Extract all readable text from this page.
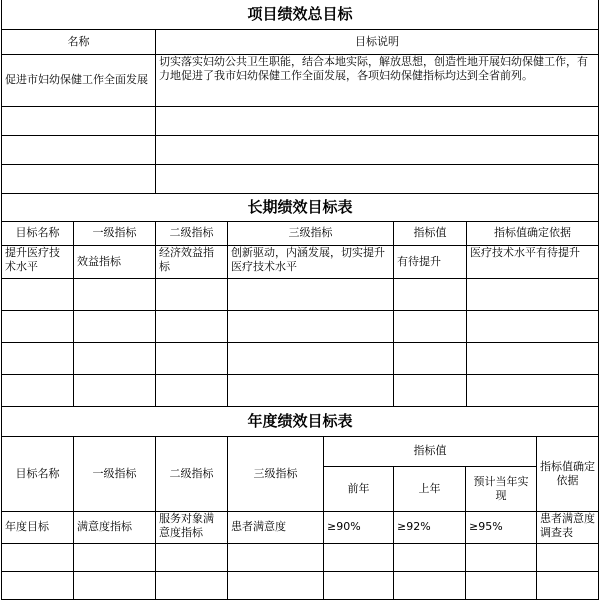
项目绩效总目标	
名称	目标说明
促进市妇幼保健工作全面发展	切实落实妇幼公共卫生职能，结合本地实际，解放思想，创造性地开展妇幼保健工作，有力地促进了我市妇幼保健工作全面发展，各项妇幼保健指标均达到全省前列。

长期绩效目标表					
目标名称	一级指标	二级指标	三级指标	指标值	指标值确定依据
提升医疗技术水平	效益指标	经济效益指标	创新驱动，内涵发展，切实提升医疗技术水平	有待提升	医疗技术水平有待提升

年度绩效目标表							
目标名称	一级指标	二级指标	三级指标	指标值			指标值确定依据
				前年	上年	预计当年实现	
年度目标	满意度指标	服务对象满意度指标	患者满意度	≥90%	≥92%	≥95%	患者满意度调查表
